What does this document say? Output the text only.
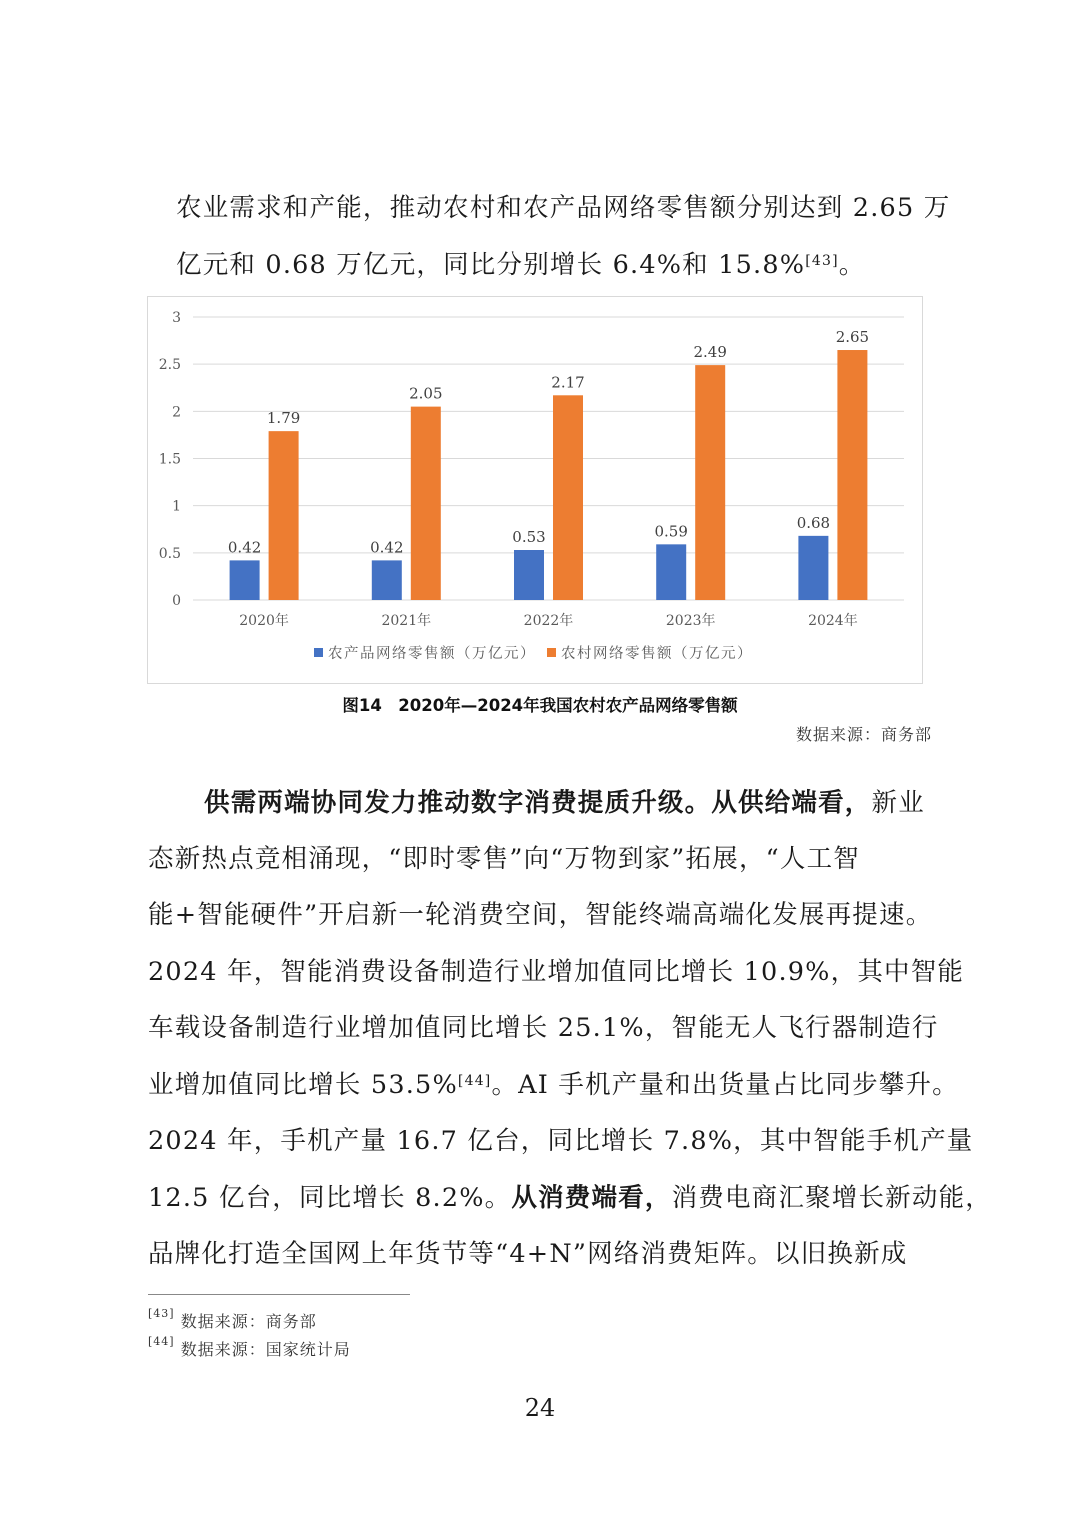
农业需求和产能，推动农村和农产品网络零售额分别达到 2.65 万
亿元和 0.68 万亿元，同比分别增长 6.4%和 15.8%[43]。
0
0.5
1
1.5
2
2.5
3
0.42
1.79
2020年
0.42
2.05
2021年
0.53
2.17
2022年
0.59
2.49
2023年
0.68
2.65
2024年
农产品网络零售额（万亿元） 农村网络零售额（万亿元）
图14　2020年—2024年我国农村农产品网络零售额
数据来源：商务部
供需两端协同发力推动数字消费提质升级。从供给端看，新业
态新热点竞相涌现，“即时零售”向“万物到家”拓展，“人工智
能+智能硬件”开启新一轮消费空间，智能终端高端化发展再提速。
2024 年，智能消费设备制造行业增加值同比增长 10.9%，其中智能
车载设备制造行业增加值同比增长 25.1%，智能无人飞行器制造行
业增加值同比增长 53.5%[44]。AI 手机产量和出货量占比同步攀升。
2024 年，手机产量 16.7 亿台，同比增长 7.8%，其中智能手机产量
12.5 亿台，同比增长 8.2%。从消费端看，消费电商汇聚增长新动能，
品牌化打造全国网上年货节等“4+N”网络消费矩阵。以旧换新成
[43] 数据来源：商务部
[44] 数据来源：国家统计局
24
